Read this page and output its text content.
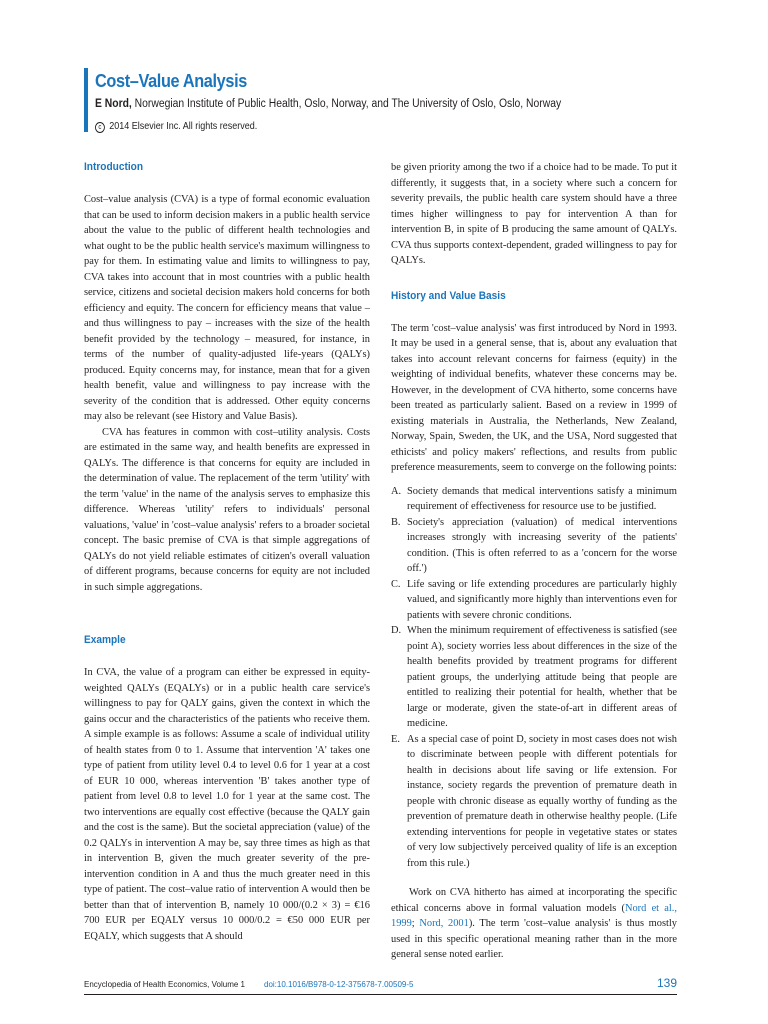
Cost–Value Analysis
E Nord, Norwegian Institute of Public Health, Oslo, Norway, and The University of Oslo, Oslo, Norway
c 2014 Elsevier Inc. All rights reserved.
Introduction

Cost–value analysis (CVA) is a type of formal economic evaluation that can be used to inform decision makers in a public health service about the value to the public of different health technologies and what ought to be the public health service's maximum willingness to pay for them. In estimating value and limits to willingness to pay, CVA takes into account that in most countries with a public health service, citizens and societal decision makers hold concerns for both efficiency and equity. The concern for efficiency means that value – and thus willingness to pay – increases with the size of the health benefit provided by the technology – measured, for instance, in terms of the number of quality-adjusted life-years (QALYs) produced. Equity concerns may, for instance, mean that for a given health benefit, value and willingness to pay increase with the severity of the condition that is addressed. Other equity concerns may also be relevant (see History and Value Basis).

CVA has features in common with cost–utility analysis. Costs are estimated in the same way, and health benefits are expressed in QALYs. The difference is that concerns for equity are included in the determination of value. The replacement of the term 'utility' with the term 'value' in the name of the analysis serves to emphasize this difference. Whereas 'utility' refers to individuals' personal valuations, 'value' in 'cost–value analysis' refers to a broader societal concept. The basic premise of CVA is that simple aggregations of QALYs do not yield reliable estimates of citizen's overall valuation of different programs, because concerns for equity are not included in such simple aggregations.

Example

In CVA, the value of a program can either be expressed in equity-weighted QALYs (EQALYs) or in a public health care service's willingness to pay for QALY gains, given the context in which the gains occur and the characteristics of the patients who receive them. A simple example is as follows: Assume a scale of individual utility of health states from 0 to 1. Assume that intervention 'A' takes one type of patient from utility level 0.4 to level 0.6 for 1 year at a cost of EUR 10 000, whereas intervention 'B' takes another type of patient from level 0.8 to level 1.0 for 1 year at the same cost. The two interventions are equally cost effective (because the QALY gain and the cost is the same). But the societal appreciation (value) of the 0.2 QALYs in intervention A may be, say three times as high as that in intervention B, given the much greater severity of the pre-intervention condition in A and thus the much greater need in this type of patient. The cost–value ratio of intervention A would then be better than that of intervention B, namely 10 000/(0.2 × 3) = €16 700 EUR per EQALY versus 10 000/0.2 = €50 000 EUR per EQALY, which suggests that A should

be given priority among the two if a choice had to be made. To put it differently, it suggests that, in a society where such a concern for severity prevails, the public health care system should have a three times higher willingness to pay for intervention A than for intervention B, in spite of B producing the same amount of QALYs. CVA thus supports context-dependent, graded willingness to pay for QALYs.

History and Value Basis

The term 'cost–value analysis' was first introduced by Nord in 1993. It may be used in a general sense, that is, about any evaluation that takes into account relevant concerns for fairness (equity) in the weighting of individual benefits, whatever these concerns may be. However, in the development of CVA hitherto, some concerns have been treated as particularly salient. Based on a review in 1999 of existing materials in Australia, the Netherlands, New Zealand, Norway, Spain, Sweden, the UK, and the USA, Nord suggested that ethicists' and policy makers' reflections, and results from public preference measurements, seem to converge on the following points:

A. Society demands that medical interventions satisfy a minimum requirement of effectiveness for resource use to be justified.
B. Society's appreciation (valuation) of medical interventions increases strongly with increasing severity of the patients' condition. (This is often referred to as a 'concern for the worse off.')
C. Life saving or life extending procedures are particularly highly valued, and significantly more highly than interventions even for patients with severe chronic conditions.
D. When the minimum requirement of effectiveness is satisfied (see point A), society worries less about differences in the size of the health benefits provided by treatment programs for different patient groups, the underlying attitude being that people are entitled to realizing their potential for health, whether that be large or moderate, given the state-of-art in different areas of medicine.
E. As a special case of point D, society in most cases does not wish to discriminate between people with different potentials for health in decisions about life saving or life extension. For instance, society regards the prevention of premature death in people with chronic disease as equally worthy of funding as the prevention of premature death in otherwise healthy people. (Life extending interventions for people in vegetative states or states of very low subjectively perceived quality of life is an exception from this rule.)

Work on CVA hitherto has aimed at incorporating the specific ethical concerns above in formal valuation models (Nord et al., 1999; Nord, 2001). The term 'cost–value analysis' is thus mostly used in this specific operational meaning rather than in the more general sense noted earlier.

Encyclopedia of Health Economics, Volume 1 doi:10.1016/B978-0-12-375678-7.00509-5	139
